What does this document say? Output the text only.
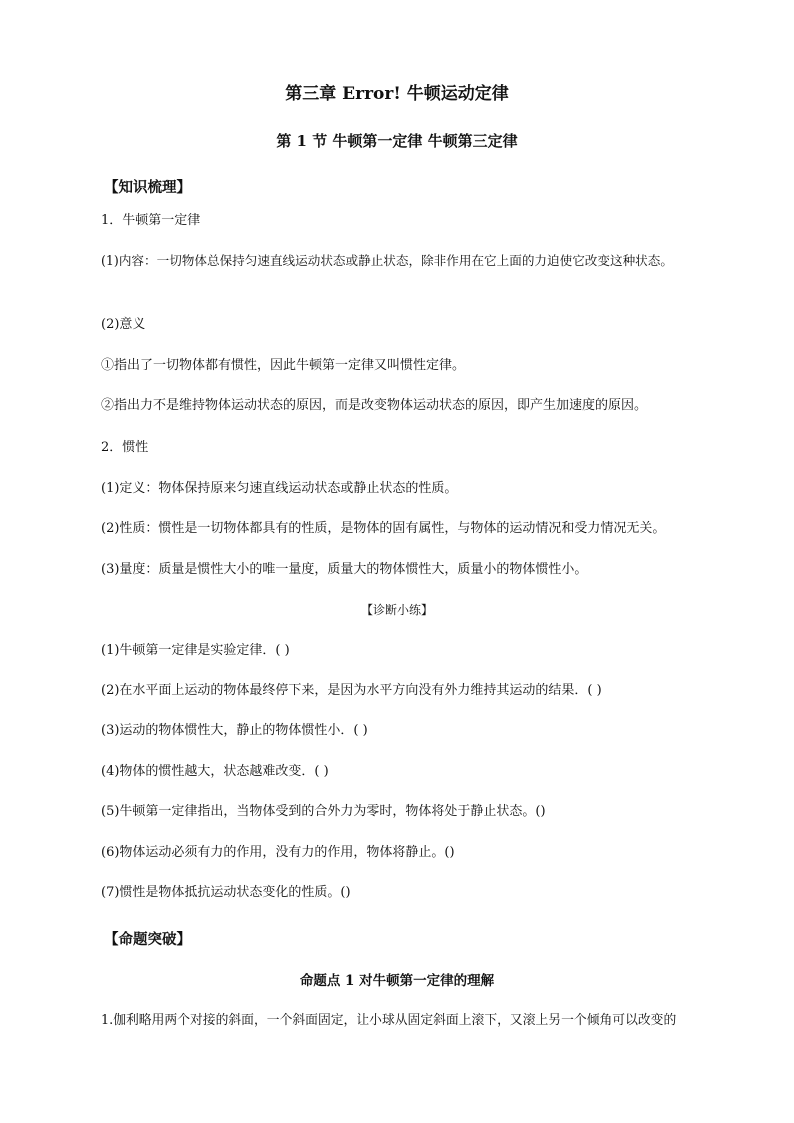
第三章 Error! 牛顿运动定律
第 1 节 牛顿第一定律 牛顿第三定律
【知识梳理】
1．牛顿第一定律
(1)内容：一切物体总保持匀速直线运动状态或静止状态，除非作用在它上面的力迫使它改变这种状态。
(2)意义
①指出了一切物体都有惯性，因此牛顿第一定律又叫惯性定律。
②指出力不是维持物体运动状态的原因，而是改变物体运动状态的原因，即产生加速度的原因。
2．惯性
(1)定义：物体保持原来匀速直线运动状态或静止状态的性质。
(2)性质：惯性是一切物体都具有的性质，是物体的固有属性，与物体的运动情况和受力情况无关。
(3)量度：质量是惯性大小的唯一量度，质量大的物体惯性大，质量小的物体惯性小。
【诊断小练】
(1)牛顿第一定律是实验定律．( )
(2)在水平面上运动的物体最终停下来，是因为水平方向没有外力维持其运动的结果．( )
(3)运动的物体惯性大，静止的物体惯性小．( )
(4)物体的惯性越大，状态越难改变．( )
(5)牛顿第一定律指出，当物体受到的合外力为零时，物体将处于静止状态。()
(6)物体运动必须有力的作用，没有力的作用，物体将静止。()
(7)惯性是物体抵抗运动状态变化的性质。()
【命题突破】
命题点 1 对牛顿第一定律的理解
1.伽利略用两个对接的斜面，一个斜面固定，让小球从固定斜面上滚下，又滚上另一个倾角可以改变的
